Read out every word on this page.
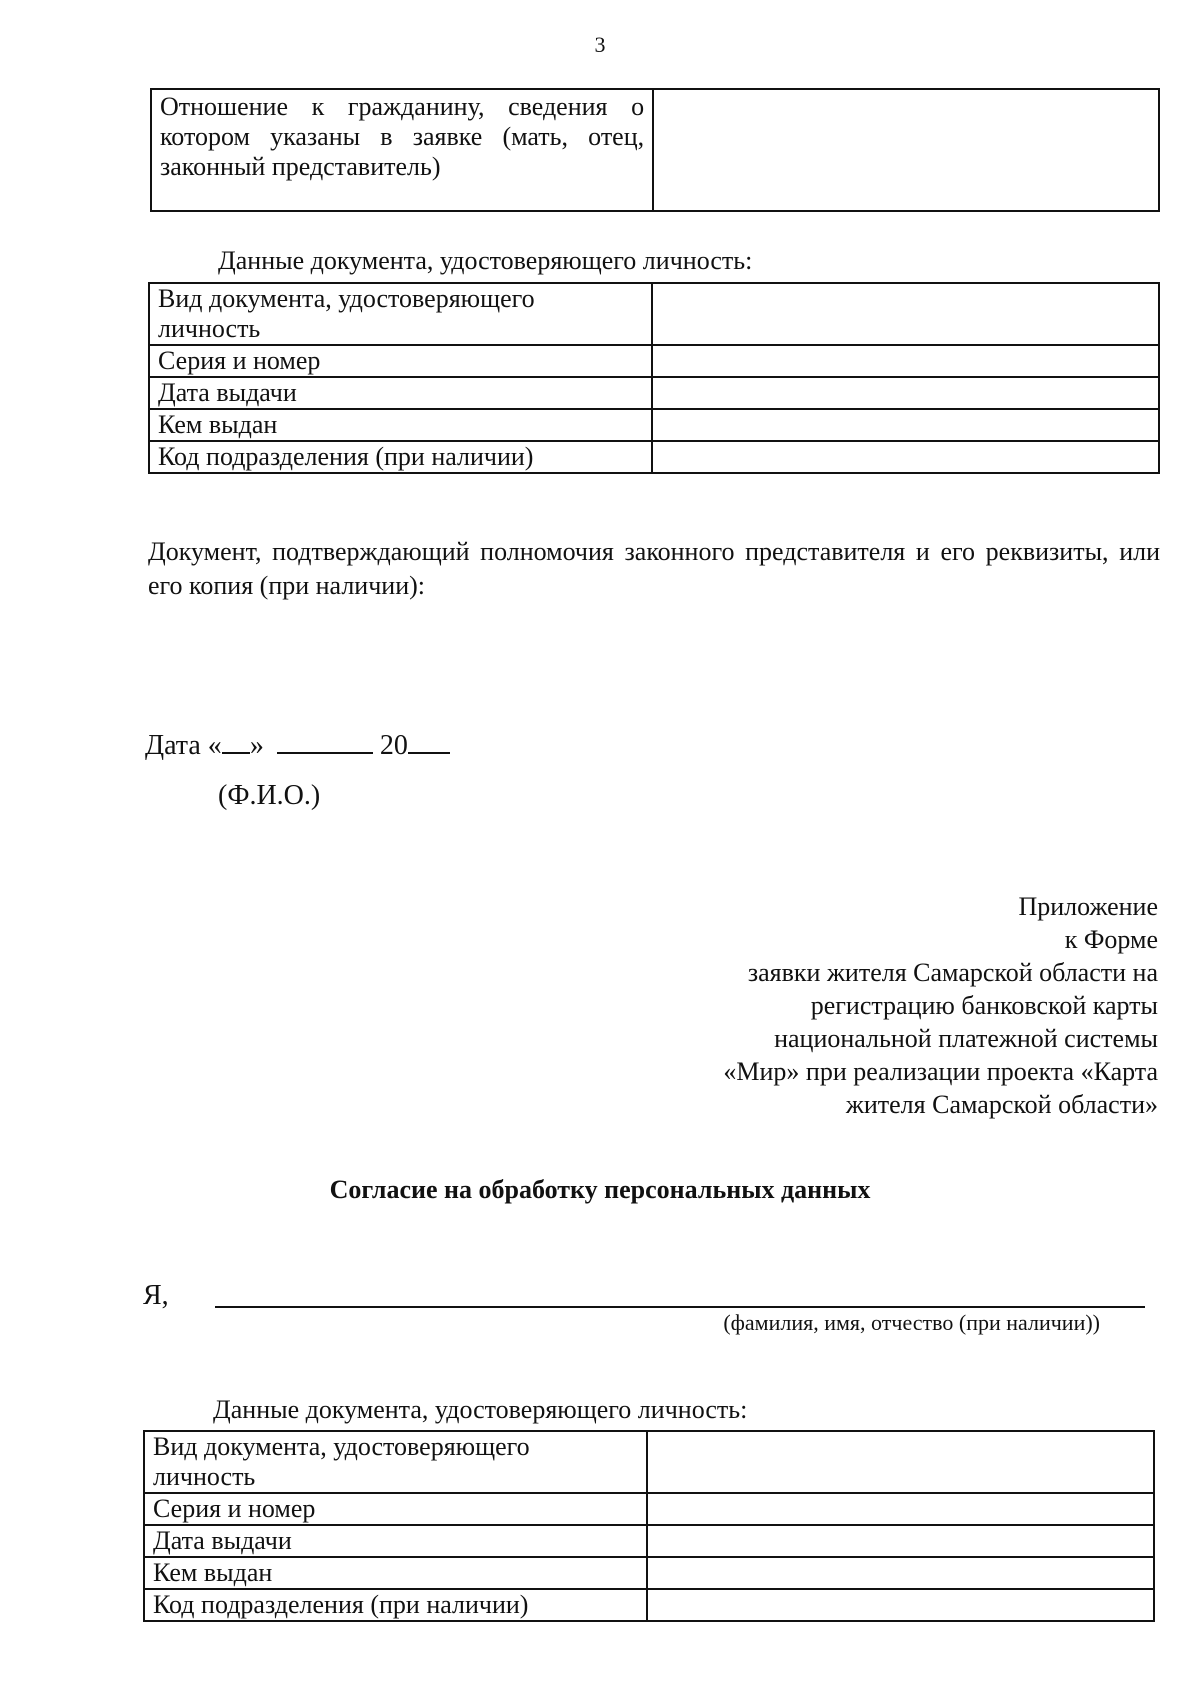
3
Отношение к гражданину, сведения о котором указаны в заявке (мать, отец, законный представитель)	
Данные документа, удостоверяющего личность:
Вид документа, удостоверяющего личность	
Серия и номер	
Дата выдачи	
Кем выдан	
Код подразделения (при наличии)	
Документ, подтверждающий полномочия законного представителя и его реквизиты, или его копия (при наличии):
Дата « »	20
(Ф.И.О.)
Приложение
к Форме
заявки жителя Самарской области на
регистрацию банковской карты
национальной платежной системы
«Мир» при реализации проекта «Карта
жителя Самарской области»
Согласие на обработку персональных данных
Я,
(фамилия, имя, отчество (при наличии))
Данные документа, удостоверяющего личность:
Вид документа, удостоверяющего личность	
Серия и номер	
Дата выдачи	
Кем выдан	
Код подразделения (при наличии)	
